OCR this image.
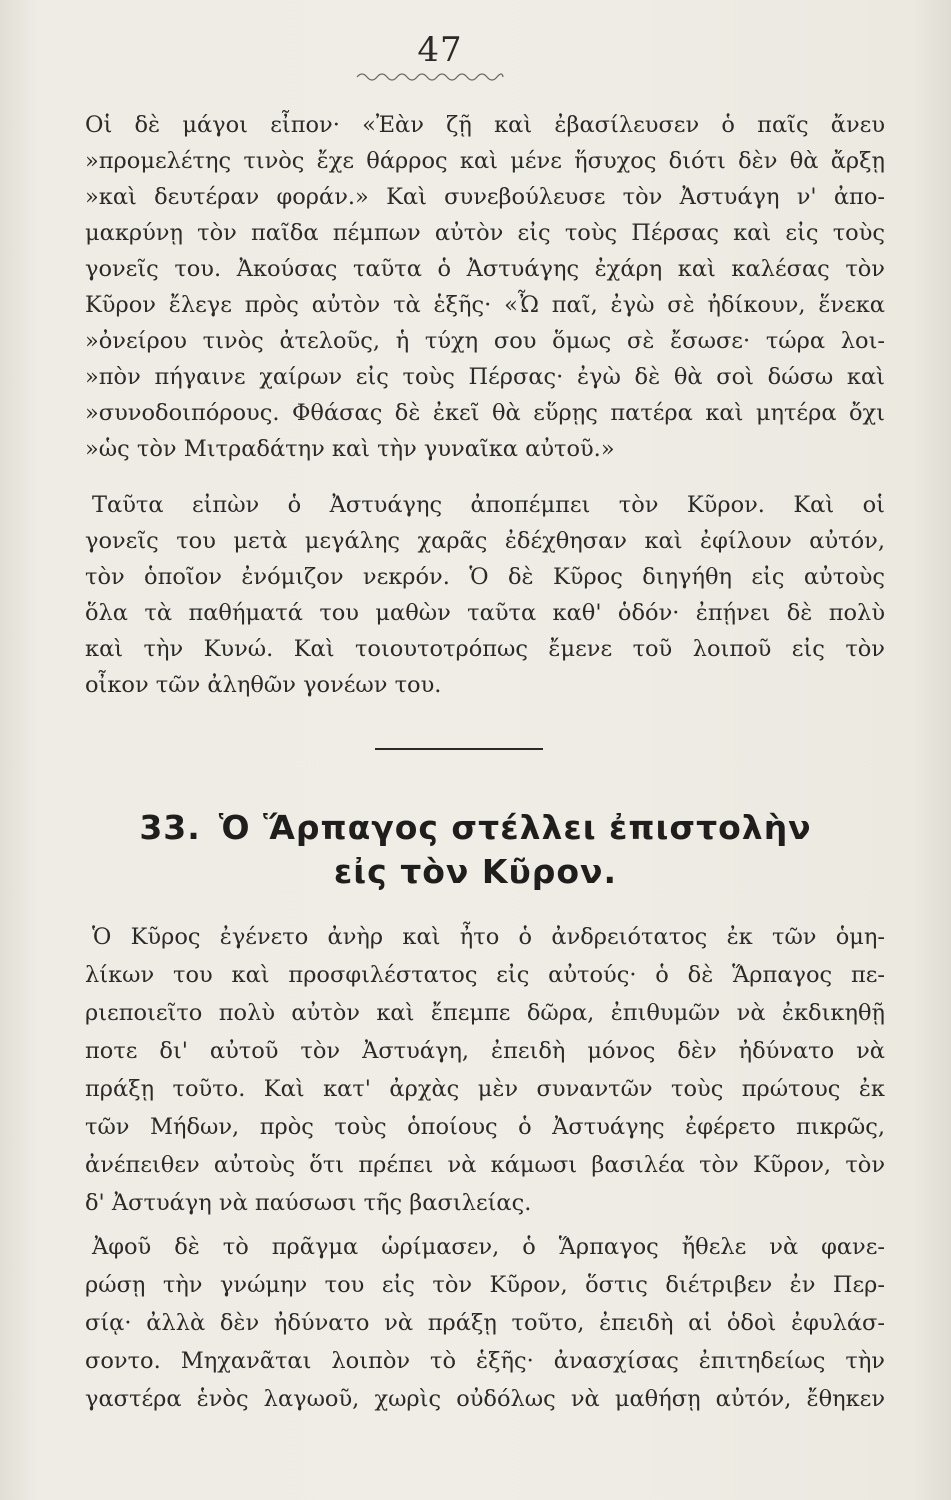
47
Οἱ δὲ μάγοι εἶπον· «Ἐὰν ζῇ καὶ ἐβασίλευσεν ὁ παῖς ἄνευ
»προμελέτης τινὸς ἔχε θάρρος καὶ μένε ἥσυχος διότι δὲν θὰ ἄρξῃ
»καὶ δευτέραν φοράν.» Καὶ συνεβούλευσε τὸν Ἀστυάγη ν' ἀπο-
μακρύνῃ τὸν παῖδα πέμπων αὐτὸν εἰς τοὺς Πέρσας καὶ εἰς τοὺς
γονεῖς του. Ἀκούσας ταῦτα ὁ Ἀστυάγης ἐχάρη καὶ καλέσας τὸν
Κῦρον ἔλεγε πρὸς αὐτὸν τὰ ἑξῆς· «Ὦ παῖ, ἐγὼ σὲ ἠδίκουν, ἕνεκα
»ὀνείρου τινὸς ἀτελοῦς, ἡ τύχη σου ὅμως σὲ ἔσωσε· τώρα λοι-
»πὸν πήγαινε χαίρων εἰς τοὺς Πέρσας· ἐγὼ δὲ θὰ σοὶ δώσω καὶ
»συνοδοιπόρους. Φθάσας δὲ ἐκεῖ θὰ εὕρῃς πατέρα καὶ μητέρα ὄχι
»ὡς τὸν Μιτραδάτην καὶ τὴν γυναῖκα αὐτοῦ.»
Ταῦτα εἰπὼν ὁ Ἀστυάγης ἀποπέμπει τὸν Κῦρον. Καὶ οἱ
γονεῖς του μετὰ μεγάλης χαρᾶς ἐδέχθησαν καὶ ἐφίλουν αὐτόν,
τὸν ὁποῖον ἐνόμιζον νεκρόν. Ὁ δὲ Κῦρος διηγήθη εἰς αὐτοὺς
ὅλα τὰ παθήματά του μαθὼν ταῦτα καθ' ὁδόν· ἐπῄνει δὲ πολὺ
καὶ τὴν Κυνώ. Καὶ τοιουτοτρόπως ἔμενε τοῦ λοιποῦ εἰς τὸν
οἶκον τῶν ἀληθῶν γονέων του.
33. Ὁ Ἅρπαγος στέλλει ἐπιστολὴν
εἰς τὸν Κῦρον.
Ὁ Κῦρος ἐγένετο ἀνὴρ καὶ ἦτο ὁ ἀνδρειότατος ἐκ τῶν ὁμη-
λίκων του καὶ προσφιλέστατος εἰς αὐτούς· ὁ δὲ Ἅρπαγος πε-
ριεποιεῖτο πολὺ αὐτὸν καὶ ἔπεμπε δῶρα, ἐπιθυμῶν νὰ ἐκδικηθῇ
ποτε δι' αὐτοῦ τὸν Ἀστυάγη, ἐπειδὴ μόνος δὲν ἠδύνατο νὰ
πράξῃ τοῦτο. Καὶ κατ' ἀρχὰς μὲν συναντῶν τοὺς πρώτους ἐκ
τῶν Μήδων, πρὸς τοὺς ὁποίους ὁ Ἀστυάγης ἐφέρετο πικρῶς,
ἀνέπειθεν αὐτοὺς ὅτι πρέπει νὰ κάμωσι βασιλέα τὸν Κῦρον, τὸν
δ' Ἀστυάγη νὰ παύσωσι τῆς βασιλείας.
Ἀφοῦ δὲ τὸ πρᾶγμα ὡρίμασεν, ὁ Ἅρπαγος ἤθελε νὰ φανε-
ρώσῃ τὴν γνώμην του εἰς τὸν Κῦρον, ὅστις διέτριβεν ἐν Περ-
σίᾳ· ἀλλὰ δὲν ἠδύνατο νὰ πράξῃ τοῦτο, ἐπειδὴ αἱ ὁδοὶ ἐφυλάσ-
σοντο. Μηχανᾶται λοιπὸν τὸ ἑξῆς· ἀνασχίσας ἐπιτηδείως τὴν
γαστέρα ἑνὸς λαγωοῦ, χωρὶς οὐδόλως νὰ μαθήσῃ αὐτόν, ἔθηκεν
